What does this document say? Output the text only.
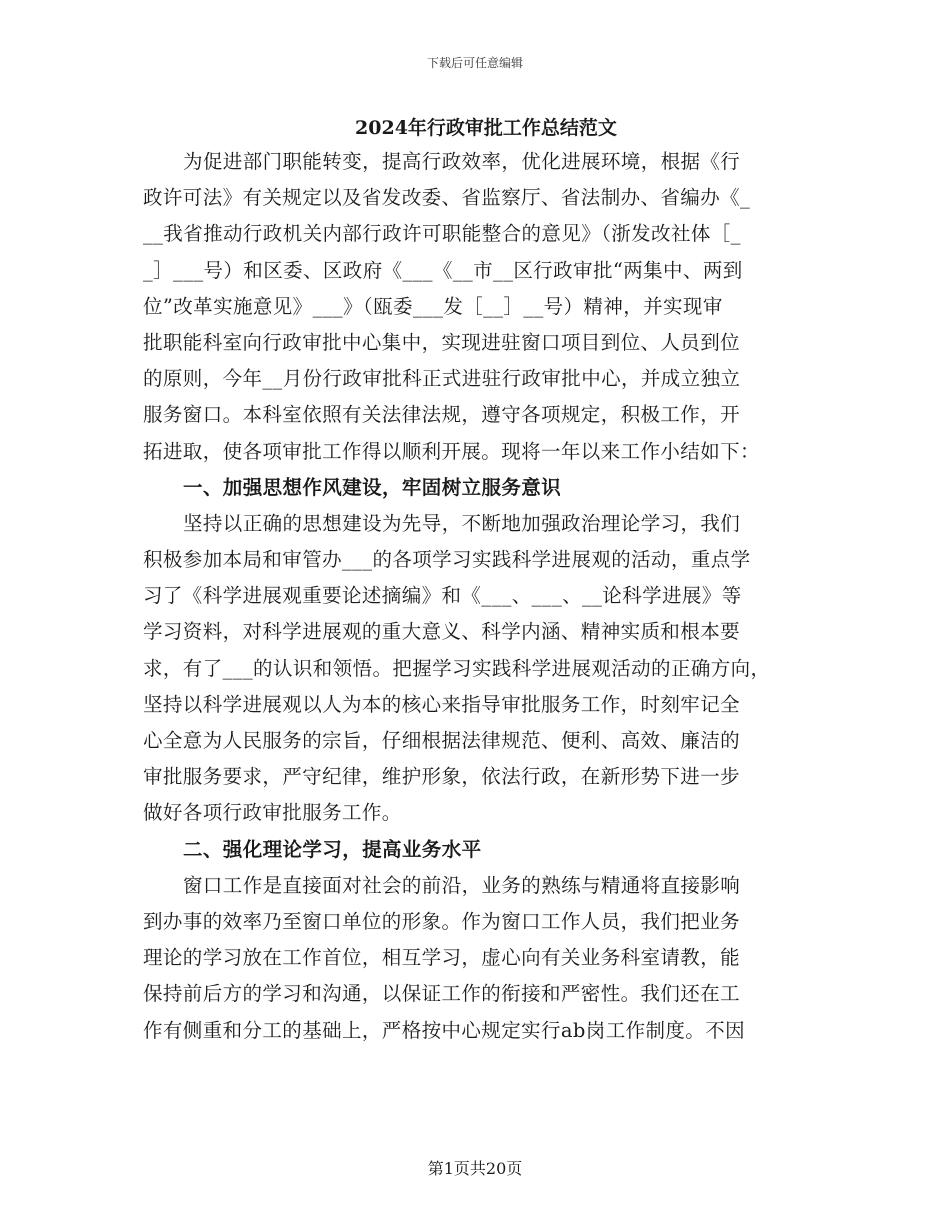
下载后可任意编辑
2024年行政审批工作总结范文
为促进部门职能转变，提高行政效率，优化进展环境，根据《行
政许可法》有关规定以及省发改委、省监察厅、省法制办、省编办《_
__我省推动行政机关内部行政许可职能整合的意见》（浙发改社体［_
_］___号）和区委、区政府《___《__市__区行政审批“两集中、两到
位”改革实施意见》___》（瓯委___发［__］__号）精神，并实现审
批职能科室向行政审批中心集中，实现进驻窗口项目到位、人员到位
的原则，今年__月份行政审批科正式进驻行政审批中心，并成立独立
服务窗口。本科室依照有关法律法规，遵守各项规定，积极工作，开
拓进取，使各项审批工作得以顺利开展。现将一年以来工作小结如下：
一、加强思想作风建设，牢固树立服务意识
坚持以正确的思想建设为先导，不断地加强政治理论学习，我们
积极参加本局和审管办___的各项学习实践科学进展观的活动，重点学
习了《科学进展观重要论述摘编》和《___、___、__论科学进展》等
学习资料，对科学进展观的重大意义、科学内涵、精神实质和根本要
求，有了___的认识和领悟。把握学习实践科学进展观活动的正确方向，
坚持以科学进展观以人为本的核心来指导审批服务工作，时刻牢记全
心全意为人民服务的宗旨，仔细根据法律规范、便利、高效、廉洁的
审批服务要求，严守纪律，维护形象，依法行政，在新形势下进一步
做好各项行政审批服务工作。
二、强化理论学习，提高业务水平
窗口工作是直接面对社会的前沿，业务的熟练与精通将直接影响
到办事的效率乃至窗口单位的形象。作为窗口工作人员，我们把业务
理论的学习放在工作首位，相互学习，虚心向有关业务科室请教，能
保持前后方的学习和沟通，以保证工作的衔接和严密性。我们还在工
作有侧重和分工的基础上，严格按中心规定实行ab岗工作制度。不因
第1页共20页
